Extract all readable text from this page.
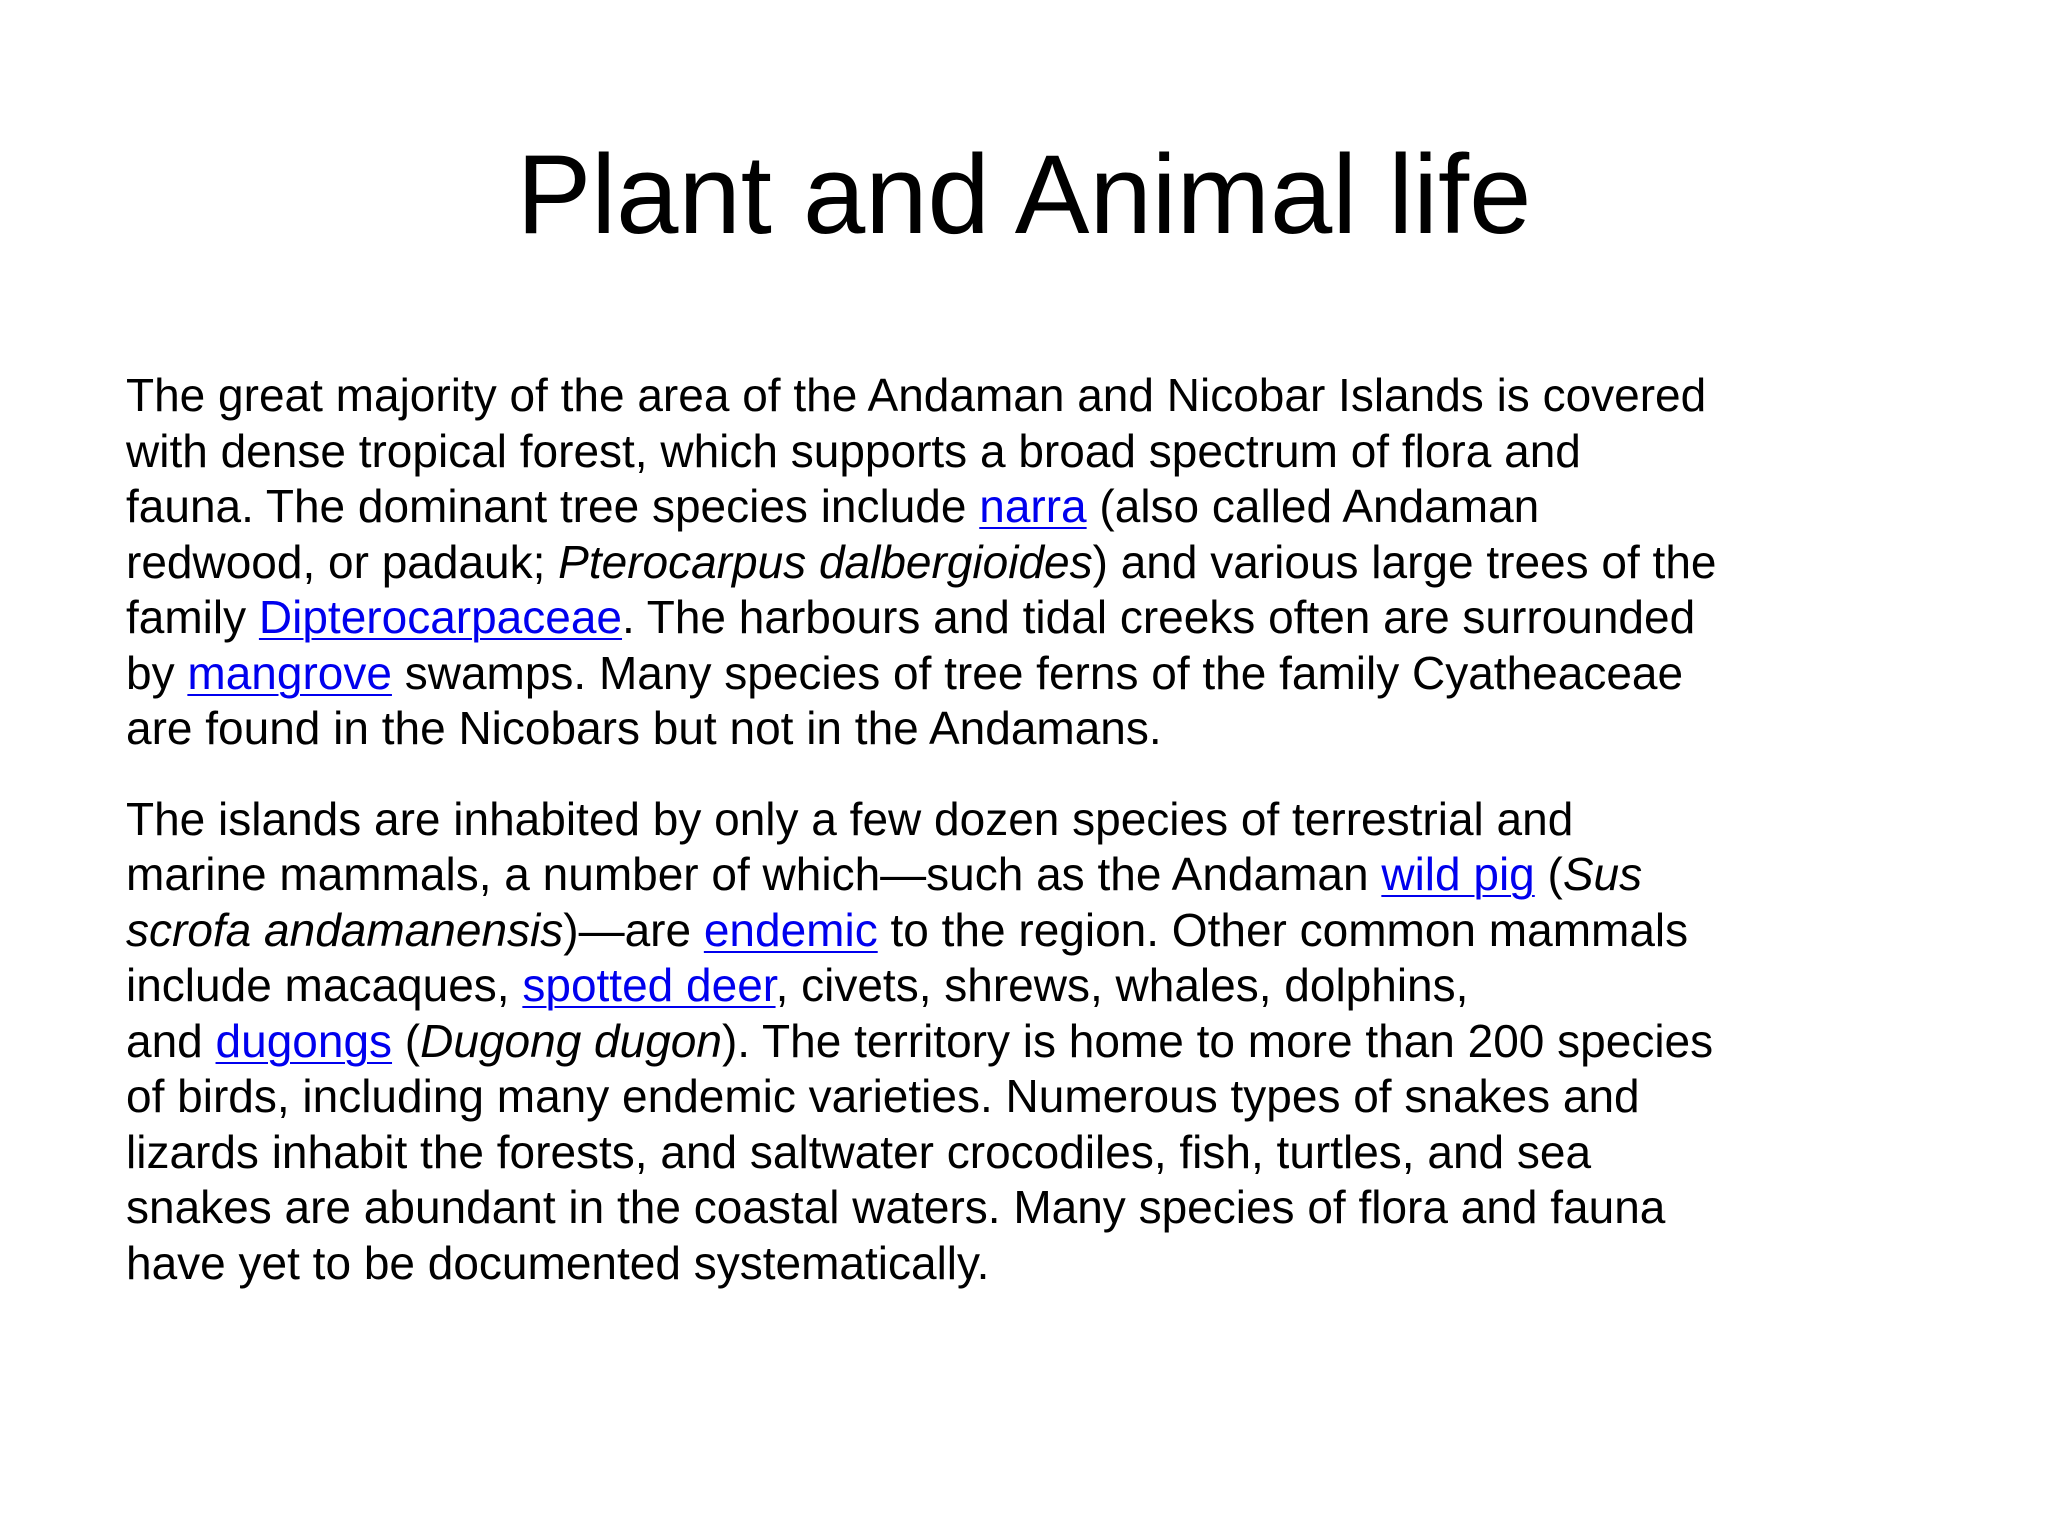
Plant and Animal life

The great majority of the area of the Andaman and Nicobar Islands is covered
with dense tropical forest, which supports a broad spectrum of flora and
fauna. The dominant tree species include narra (also called Andaman
redwood, or padauk; Pterocarpus dalbergioides) and various large trees of the
family Dipterocarpaceae. The harbours and tidal creeks often are surrounded
by mangrove swamps. Many species of tree ferns of the family Cyatheaceae
are found in the Nicobars but not in the Andamans.

The islands are inhabited by only a few dozen species of terrestrial and
marine mammals, a number of which—such as the Andaman wild pig (Sus
scrofa andamanensis)—are endemic to the region. Other common mammals
include macaques, spotted deer, civets, shrews, whales, dolphins,
and dugongs (Dugong dugon). The territory is home to more than 200 species
of birds, including many endemic varieties. Numerous types of snakes and
lizards inhabit the forests, and saltwater crocodiles, fish, turtles, and sea
snakes are abundant in the coastal waters. Many species of flora and fauna
have yet to be documented systematically.
